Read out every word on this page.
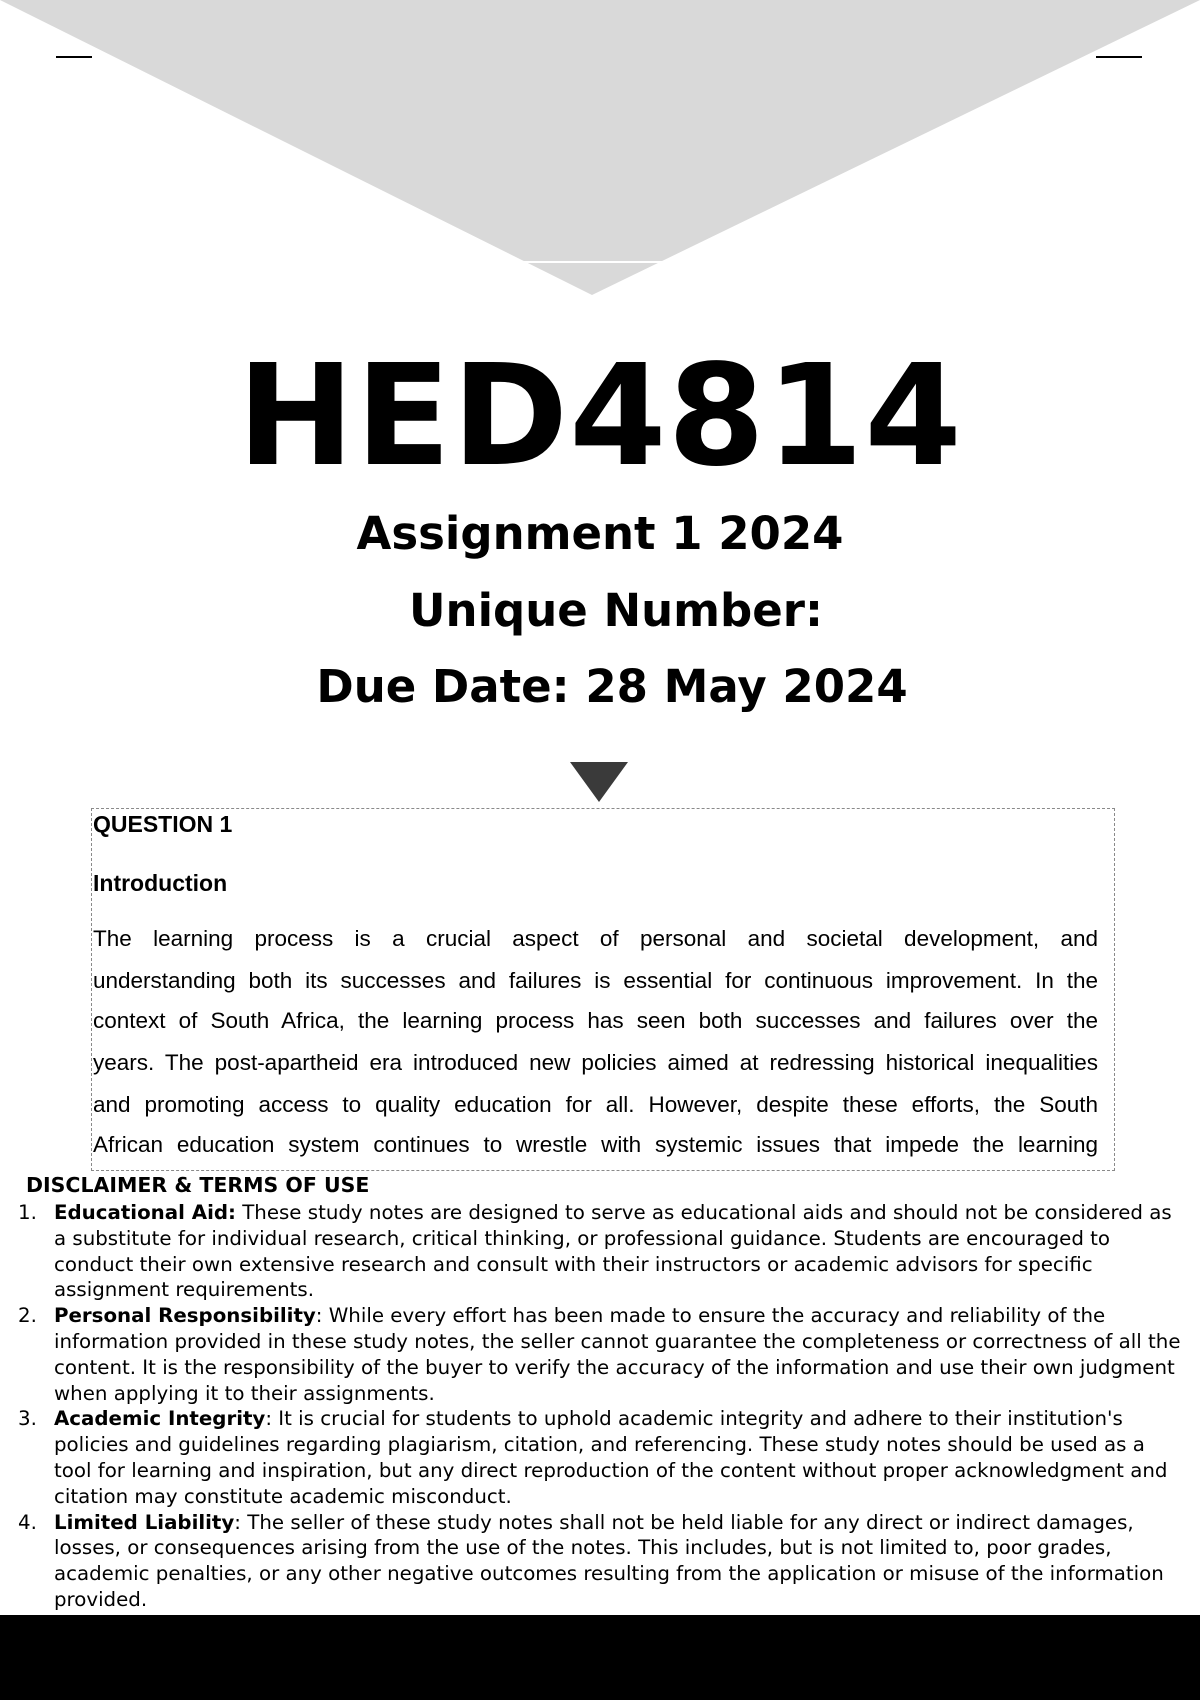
HED4814
Assignment 1 2024
Unique Number:
Due Date: 28 May 2024
QUESTION 1
Introduction
The learning process is a crucial aspect of personal and societal development, and
understanding both its successes and failures is essential for continuous improvement. In the
context of South Africa, the learning process has seen both successes and failures over the
years. The post-apartheid era introduced new policies aimed at redressing historical inequalities
and promoting access to quality education for all. However, despite these efforts, the South
African education system continues to wrestle with systemic issues that impede the learning
DISCLAIMER & TERMS OF USE
1. Educational Aid: These study notes are designed to serve as educational aids and should not be considered as a substitute for individual research, critical thinking, or professional guidance. Students are encouraged to conduct their own extensive research and consult with their instructors or academic advisors for specific assignment requirements.
2. Personal Responsibility: While every effort has been made to ensure the accuracy and reliability of the information provided in these study notes, the seller cannot guarantee the completeness or correctness of all the content. It is the responsibility of the buyer to verify the accuracy of the information and use their own judgment when applying it to their assignments.
3. Academic Integrity: It is crucial for students to uphold academic integrity and adhere to their institution's policies and guidelines regarding plagiarism, citation, and referencing. These study notes should be used as a tool for learning and inspiration, but any direct reproduction of the content without proper acknowledgment and citation may constitute academic misconduct.
4. Limited Liability: The seller of these study notes shall not be held liable for any direct or indirect damages, losses, or consequences arising from the use of the notes. This includes, but is not limited to, poor grades, academic penalties, or any other negative outcomes resulting from the application or misuse of the information provided.
